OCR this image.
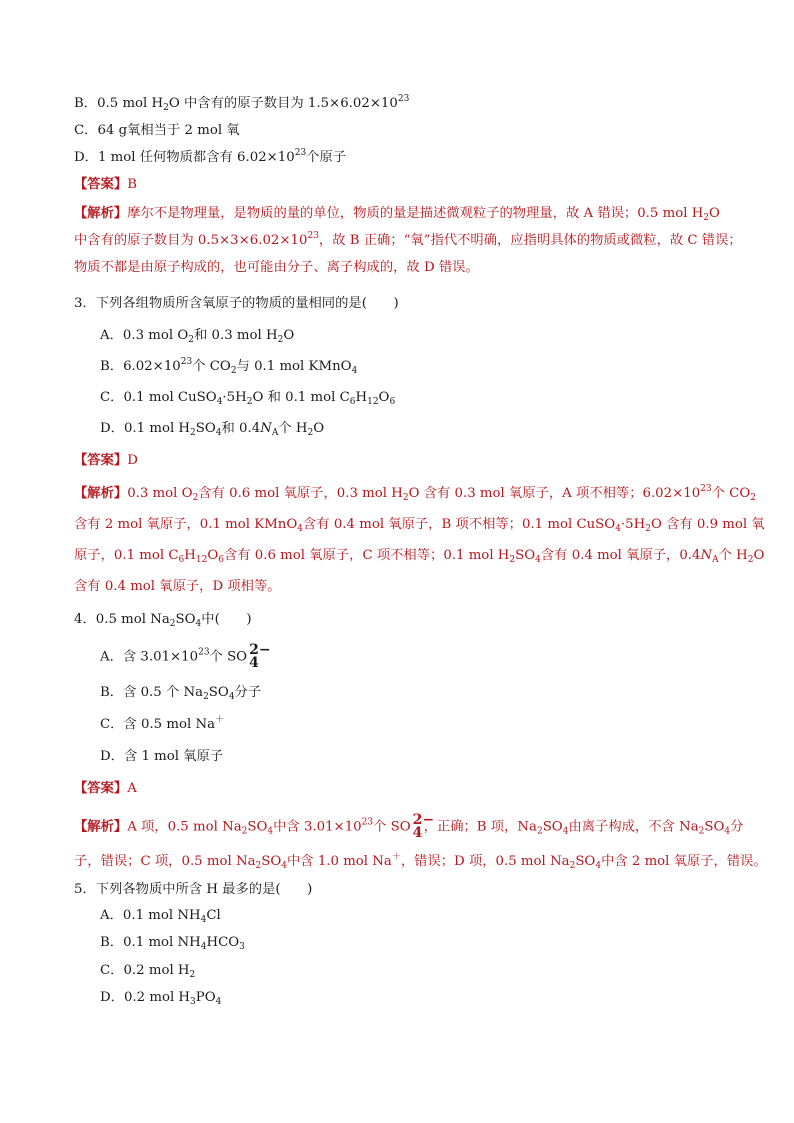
B．0.5 mol $H_2O$ 中含有的原子数目为 $1.5\times 6.02\times 10^{23}$
C．64 g氧相当于 2 mol 氧
D．1 mol 任何物质都含有 $6.02\times 10^{23}$个原子
【答案】B
【解析】摩尔不是物理量，是物质的量的单位，物质的量是描述微观粒子的物理量，故 A 错误；0.5 mol $H_2O$
中含有的原子数目为 $0.5\times 3\times 6.02\times 10^{23}$，故 B 正确；“氧”指代不明确，应指明具体的物质或微粒，故 C 错误；
物质不都是由原子构成的，也可能由分子、离子构成的，故 D 错误。
3．下列各组物质所含氧原子的物质的量相同的是(　　)
A．0.3 mol $O_2$和 0.3 mol $H_2O$
B．$6.02\times 10^{23}$个 $CO_2$与 0.1 mol KMnO$_4$
C．0.1 mol $CuSO_4\cdot 5H_2O$ 和 0.1 mol $C_6H_{12}O_6$
D．0.1 mol $H_2SO_4$和 $0.4N_A$个 $H_2O$
【答案】D
【解析】0.3 mol $O_2$含有 0.6 mol 氧原子，0.3 mol $H_2O$ 含有 0.3 mol 氧原子，A 项不相等；$6.02\times 10^{23}$个 $CO_2$
含有 2 mol 氧原子，0.1 mol KMnO$_4$含有 0.4 mol 氧原子，B 项不相等；0.1 mol $CuSO_4\cdot 5H_2O$ 含有 0.9 mol 氧
原子，0.1 mol $C_6H_{12}O_6$含有 0.6 mol 氧原子，C 项不相等；0.1 mol $H_2SO_4$含有 0.4 mol 氧原子，$0.4N_A$个 $H_2O$
含有 0.4 mol 氧原子，D 项相等。
4．0.5 mol $Na_2SO_4$中(　　)
A．含 $3.01\times 10^{23}$个 SO 2−
4
B．含 0.5 个 $Na_2SO_4$分子
C．含 0.5 mol Na＋
D．含 1 mol 氧原子
【答案】A
【解析】A 项，0.5 mol $Na_2SO_4$中含 $3.01\times 10^{23}$个 SO 2−
4 ，正确；B 项，$Na_2SO_4$由离子构成，不含 $Na_2SO_4$分
子，错误；C 项，0.5 mol $Na_2SO_4$中含 1.0 mol Na＋，错误；D 项，0.5 mol $Na_2SO_4$中含 2 mol 氧原子，错误。
5．下列各物质中所含 H 最多的是(　　)
A．0.1 mol $NH_4Cl$
B．0.1 mol $NH_4HCO_3$
C．0.2 mol $H_2$
D．0.2 mol $H_3PO_4$
